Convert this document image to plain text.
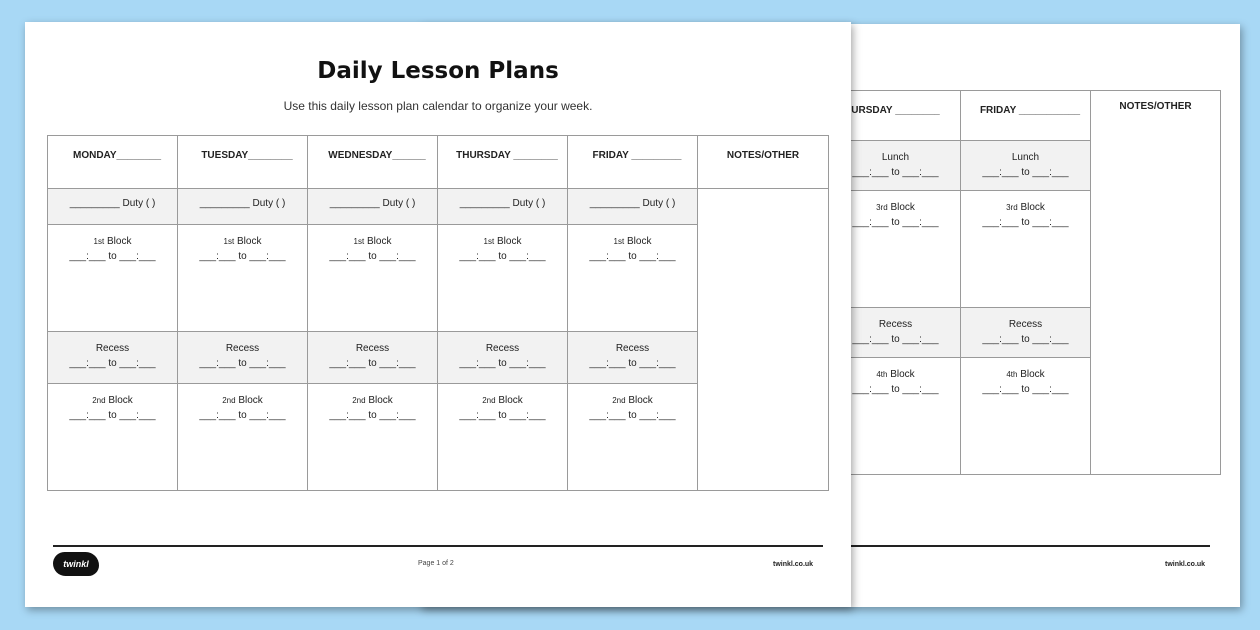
URSDAY ________	FRIDAY ___________	NOTES/OTHER

Lunch
___:___ to ___:___	Lunch
___:___ to ___:___	

3rd Block
___:___ to ___:___	3rd Block
___:___ to ___:___	

Recess
___:___ to ___:___	Recess
___:___ to ___:___	

4th Block
___:___ to ___:___	4th Block
___:___ to ___:___	
twinkl.co.uk
Daily Lesson Plans
Use this daily lesson plan calendar to organize your week.
MONDAY________	TUESDAY________	WEDNESDAY______	THURSDAY ________	FRIDAY _________	NOTES/OTHER

_________ Duty ( )	_________ Duty ( )	_________ Duty ( )	_________ Duty ( )	_________ Duty ( )	

1st Block
___:___ to ___:___	1st Block
___:___ to ___:___	1st Block
___:___ to ___:___	1st Block
___:___ to ___:___	1st Block
___:___ to ___:___	

Recess
___:___ to ___:___	Recess
___:___ to ___:___	Recess
___:___ to ___:___	Recess
___:___ to ___:___	Recess
___:___ to ___:___	

2nd Block
___:___ to ___:___	2nd Block
___:___ to ___:___	2nd Block
___:___ to ___:___	2nd Block
___:___ to ___:___	2nd Block
___:___ to ___:___	
twinkl	Page 1 of 2	twinkl.co.uk
